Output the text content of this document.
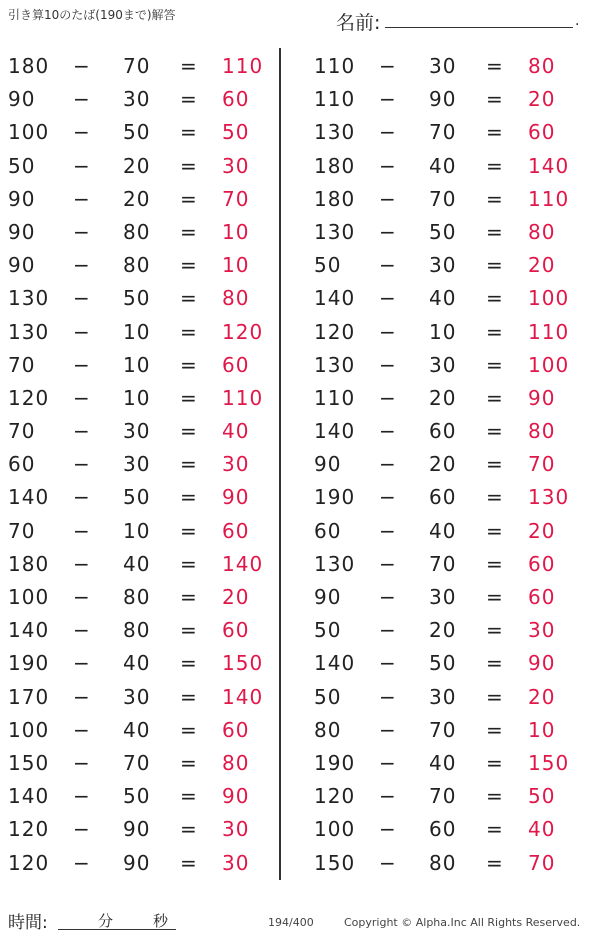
引き算10のたば(190まで)解答	名前:	.
180 − 70 = 110
90 − 30 = 60
100 − 50 = 50
50 − 20 = 30
90 − 20 = 70
90 − 80 = 10
90 − 80 = 10
130 − 50 = 80
130 − 10 = 120
70 − 10 = 60
120 − 10 = 110
70 − 30 = 40
60 − 30 = 30
140 − 50 = 90
70 − 10 = 60
180 − 40 = 140
100 − 80 = 20
140 − 80 = 60
190 − 40 = 150
170 − 30 = 140
100 − 40 = 60
150 − 70 = 80
140 − 50 = 90
120 − 90 = 30
120 − 90 = 30
110 − 30 = 80
110 − 90 = 20
130 − 70 = 60
180 − 40 = 140
180 − 70 = 110
130 − 50 = 80
50 − 30 = 20
140 − 40 = 100
120 − 10 = 110
130 − 30 = 100
110 − 20 = 90
140 − 60 = 80
90 − 20 = 70
190 − 60 = 130
60 − 40 = 20
130 − 70 = 60
90 − 30 = 60
50 − 20 = 30
140 − 50 = 90
50 − 30 = 20
80 − 70 = 10
190 − 40 = 150
120 − 70 = 50
100 − 60 = 40
150 − 80 = 70
時間:	分	秒	194/400	Copyright © Alpha.Inc All Rights Reserved.
